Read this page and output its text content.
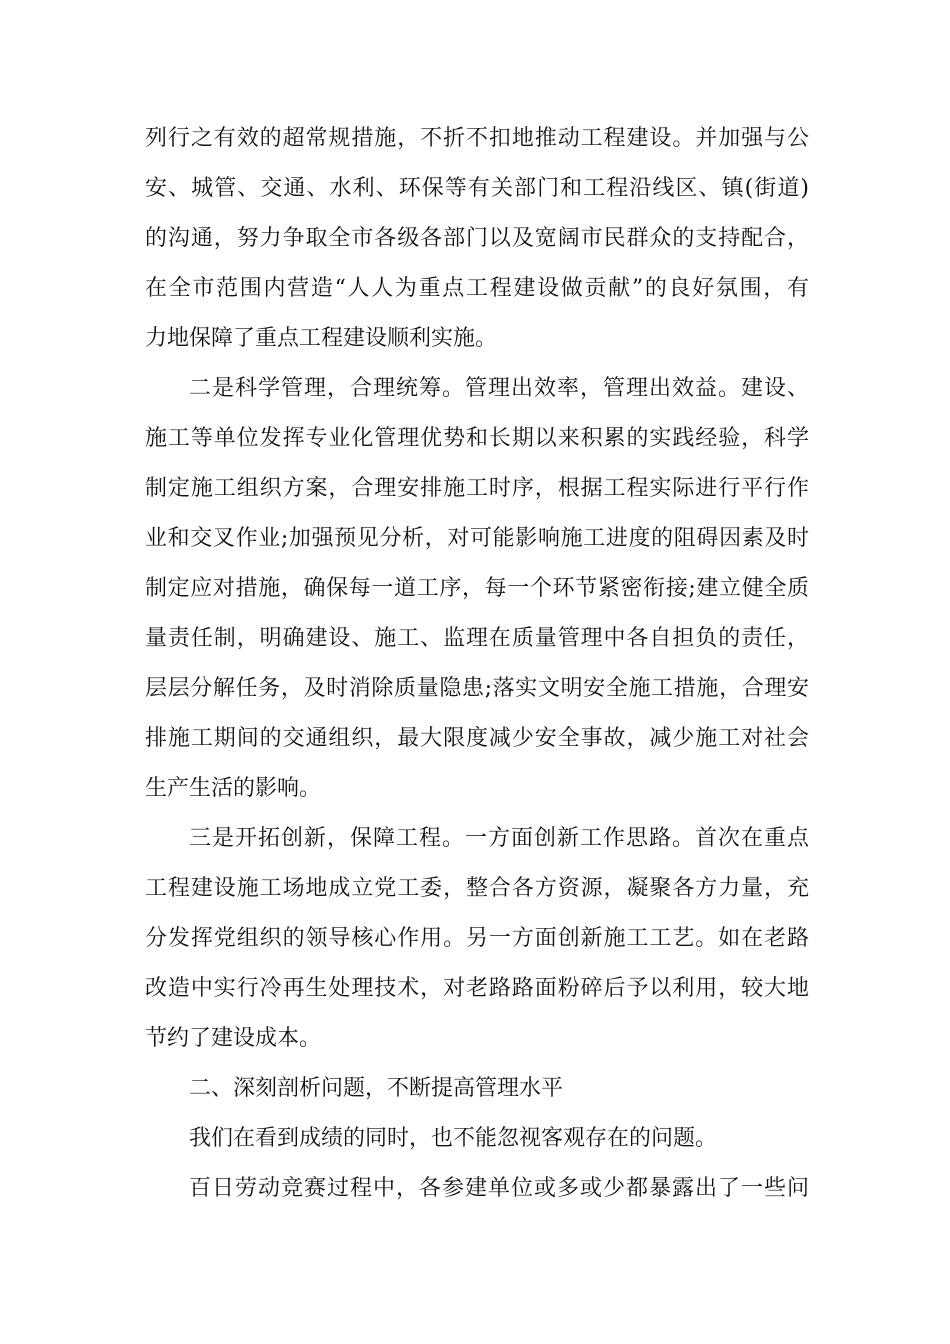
列行之有效的超常规措施，不折不扣地推动工程建设。并加强与公
安、城管、交通、水利、环保等有关部门和工程沿线区、镇(街道)
的沟通，努力争取全市各级各部门以及宽阔市民群众的支持配合，
在全市范围内营造“人人为重点工程建设做贡献”的良好氛围，有
力地保障了重点工程建设顺利实施。
二是科学管理，合理统筹。管理出效率，管理出效益。建设、
施工等单位发挥专业化管理优势和长期以来积累的实践经验，科学
制定施工组织方案，合理安排施工时序，根据工程实际进行平行作
业和交叉作业;加强预见分析，对可能影响施工进度的阻碍因素及时
制定应对措施，确保每一道工序，每一个环节紧密衔接;建立健全质
量责任制，明确建设、施工、监理在质量管理中各自担负的责任，
层层分解任务，及时消除质量隐患;落实文明安全施工措施，合理安
排施工期间的交通组织，最大限度减少安全事故，减少施工对社会
生产生活的影响。
三是开拓创新，保障工程。一方面创新工作思路。首次在重点
工程建设施工场地成立党工委，整合各方资源，凝聚各方力量，充
分发挥党组织的领导核心作用。另一方面创新施工工艺。如在老路
改造中实行冷再生处理技术，对老路路面粉碎后予以利用，较大地
节约了建设成本。
二、深刻剖析问题，不断提高管理水平
我们在看到成绩的同时，也不能忽视客观存在的问题。
百日劳动竞赛过程中，各参建单位或多或少都暴露出了一些问
